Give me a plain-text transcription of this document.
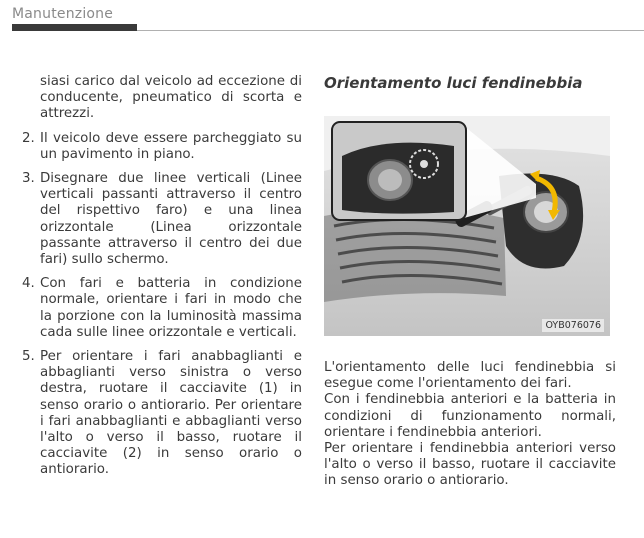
Manutenzione

siasi carico dal veicolo ad eccezione di conducente, pneumatico di scorta e attrezzi.

2. Il veicolo deve essere parcheggiato su un pavimento in piano.
3. Disegnare due linee verticali (Linee verticali passanti attraverso il centro del rispettivo faro) e una linea orizzontale (Linea orizzontale passante attraverso il centro dei due fari) sullo schermo.
4. Con fari e batteria in condizione normale, orientare i fari in modo che la porzione con la luminosità massima cada sulle linee orizzontale e verticali.
5. Per orientare i fari anabbaglianti e abbaglianti verso sinistra o verso destra, ruotare il cacciavite (1) in senso orario o antiorario. Per orientare i fari anabbaglianti e abbaglianti verso l'alto o verso il basso, ruotare il cacciavite (2) in senso orario o antiorario.
Orientamento luci fendinebbia
OYB076076

L'orientamento delle luci fendinebbia si esegue come l'orientamento dei fari.

Con i fendinebbia anteriori e la batteria in condizioni di funzionamento normali, orientare i fendinebbia anteriori.

Per orientare i fendinebbia anteriori verso l'alto o verso il basso, ruotare il cacciavite in senso orario o antiorario.
